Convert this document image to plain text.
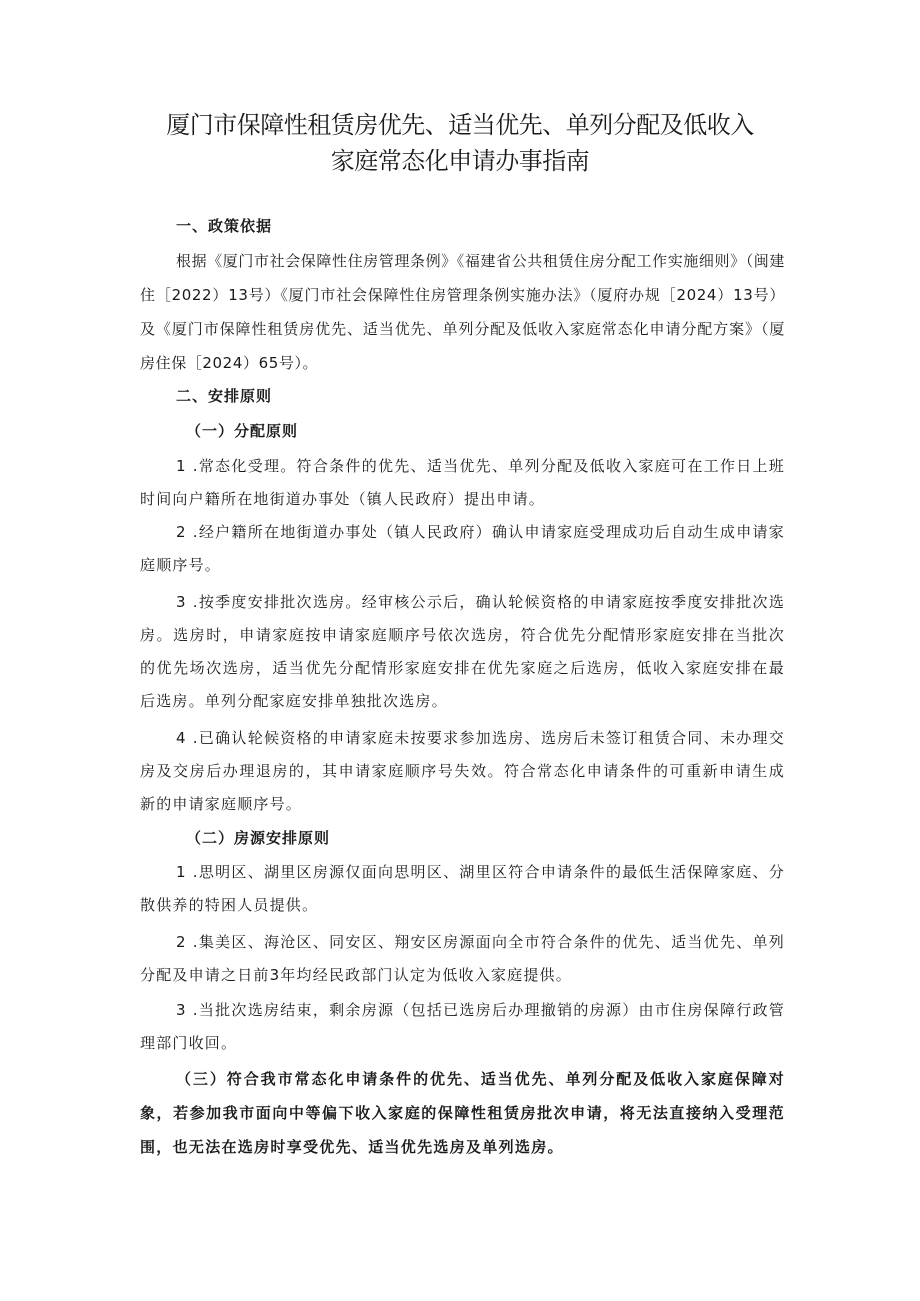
厦门市保障性租赁房优先、适当优先、单列分配及低收入
家庭常态化申请办事指南
一、政策依据

根据《厦门市社会保障性住房管理条例》《福建省公共租赁住房分配工作实施细则》（闽建住［2022）13号）《厦门市社会保障性住房管理条例实施办法》（厦府办规［2024）13号）及《厦门市保障性租赁房优先、适当优先、单列分配及低收入家庭常态化申请分配方案》（厦房住保［2024）65号）。

二、安排原则
（一）分配原则

1 .常态化受理。符合条件的优先、适当优先、单列分配及低收入家庭可在工作日上班时间向户籍所在地街道办事处（镇人民政府）提出申请。

2 .经户籍所在地街道办事处（镇人民政府）确认申请家庭受理成功后自动生成申请家庭顺序号。

3 .按季度安排批次选房。经审核公示后，确认轮候资格的申请家庭按季度安排批次选房。选房时，申请家庭按申请家庭顺序号依次选房，符合优先分配情形家庭安排在当批次的优先场次选房，适当优先分配情形家庭安排在优先家庭之后选房，低收入家庭安排在最后选房。单列分配家庭安排单独批次选房。

4 .已确认轮候资格的申请家庭未按要求参加选房、选房后未签订租赁合同、未办理交房及交房后办理退房的，其申请家庭顺序号失效。符合常态化申请条件的可重新申请生成新的申请家庭顺序号。

（二）房源安排原则

1 .思明区、湖里区房源仅面向思明区、湖里区符合申请条件的最低生活保障家庭、分散供养的特困人员提供。

2 .集美区、海沧区、同安区、翔安区房源面向全市符合条件的优先、适当优先、单列分配及申请之日前3年均经民政部门认定为低收入家庭提供。

3 .当批次选房结束，剩余房源（包括已选房后办理撤销的房源）由市住房保障行政管理部门收回。

（三）符合我市常态化申请条件的优先、适当优先、单列分配及低收入家庭保障对象，若参加我市面向中等偏下收入家庭的保障性租赁房批次申请，将无法直接纳入受理范围，也无法在选房时享受优先、适当优先选房及单列选房。
